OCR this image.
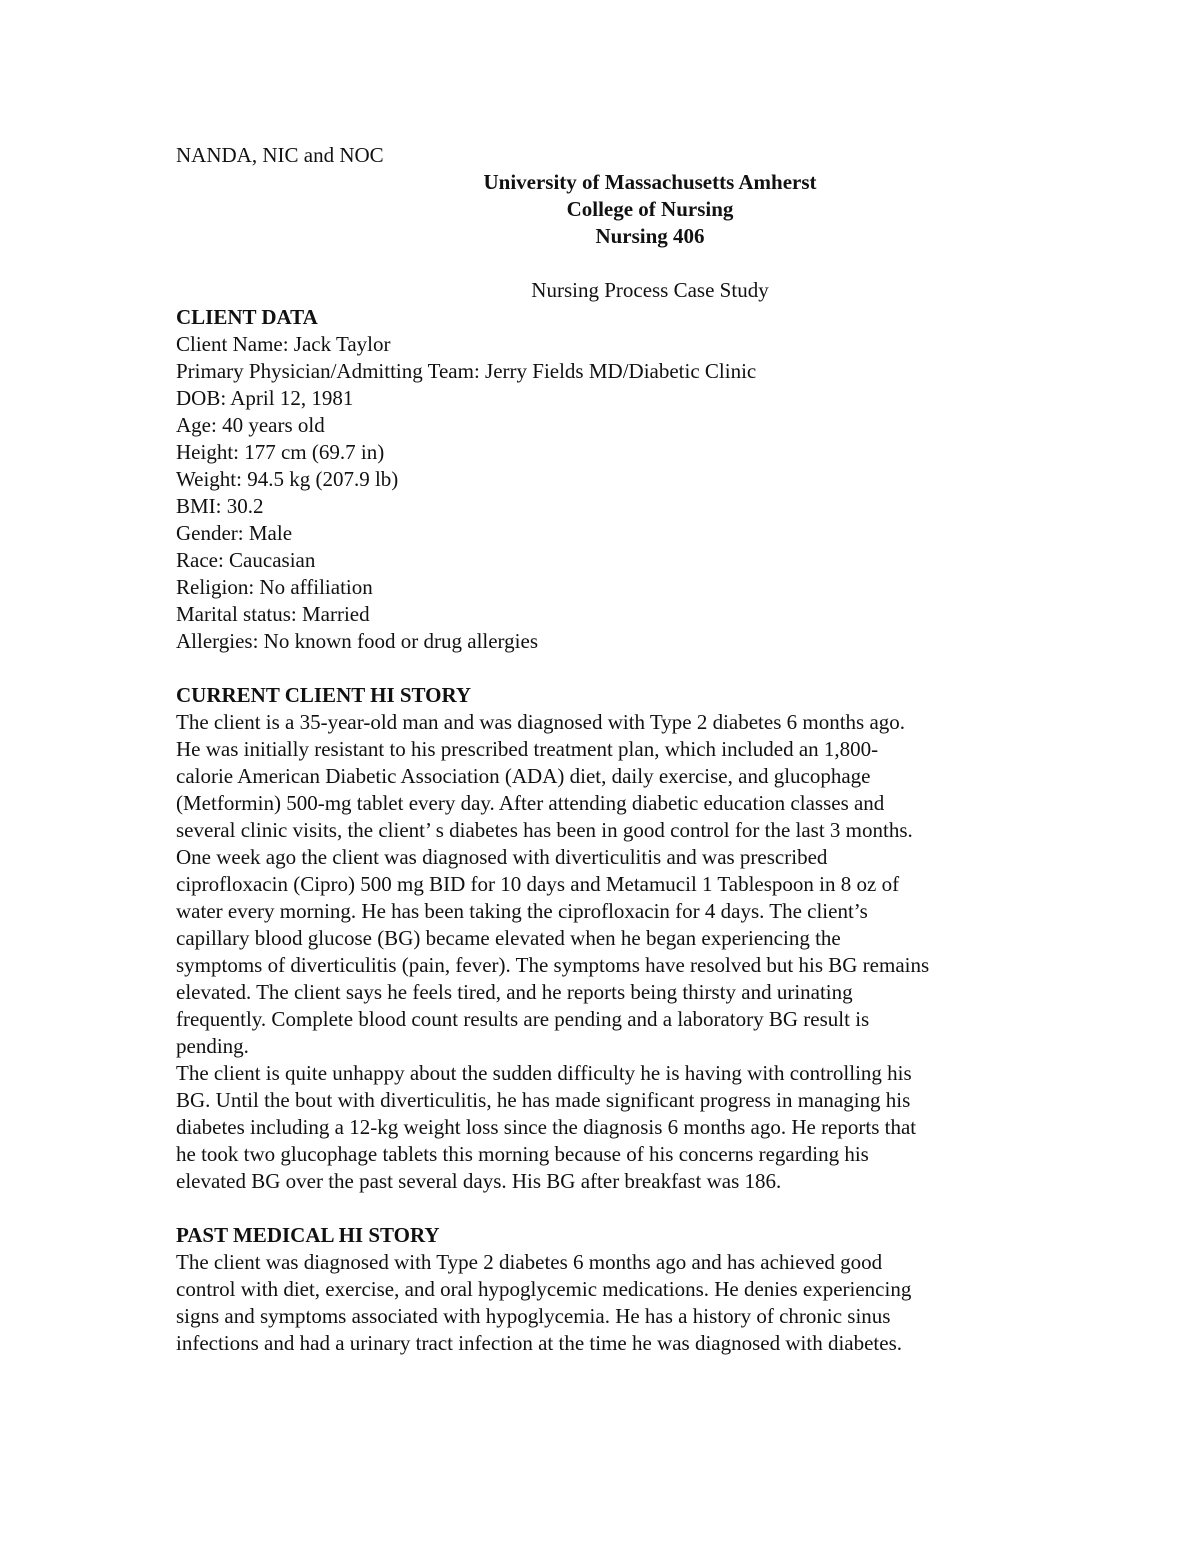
NANDA, NIC and NOC
University of Massachusetts Amherst
College of Nursing
Nursing 406
Nursing Process Case Study
CLIENT DATA
Client Name: Jack Taylor
Primary Physician/Admitting Team: Jerry Fields MD/Diabetic Clinic
DOB: April 12, 1981
Age: 40 years old
Height: 177 cm (69.7 in)
Weight: 94.5 kg (207.9 lb)
BMI: 30.2
Gender: Male
Race: Caucasian
Religion: No affiliation
Marital status: Married
Allergies: No known food or drug allergies
CURRENT CLIENT HI STORY
The client is a 35-year-old man and was diagnosed with Type 2 diabetes 6 months ago.
He was initially resistant to his prescribed treatment plan, which included an 1,800-
calorie American Diabetic Association (ADA) diet, daily exercise, and glucophage
(Metformin) 500-mg tablet every day. After attending diabetic education classes and
several clinic visits, the client’ s diabetes has been in good control for the last 3 months.
One week ago the client was diagnosed with diverticulitis and was prescribed
ciprofloxacin (Cipro) 500 mg BID for 10 days and Metamucil 1 Tablespoon in 8 oz of
water every morning. He has been taking the ciprofloxacin for 4 days. The client’s
capillary blood glucose (BG) became elevated when he began experiencing the
symptoms of diverticulitis (pain, fever). The symptoms have resolved but his BG remains
elevated. The client says he feels tired, and he reports being thirsty and urinating
frequently. Complete blood count results are pending and a laboratory BG result is
pending.
The client is quite unhappy about the sudden difficulty he is having with controlling his
BG. Until the bout with diverticulitis, he has made significant progress in managing his
diabetes including a 12-kg weight loss since the diagnosis 6 months ago. He reports that
he took two glucophage tablets this morning because of his concerns regarding his
elevated BG over the past several days. His BG after breakfast was 186.
PAST MEDICAL HI STORY
The client was diagnosed with Type 2 diabetes 6 months ago and has achieved good
control with diet, exercise, and oral hypoglycemic medications. He denies experiencing
signs and symptoms associated with hypoglycemia. He has a history of chronic sinus
infections and had a urinary tract infection at the time he was diagnosed with diabetes.
